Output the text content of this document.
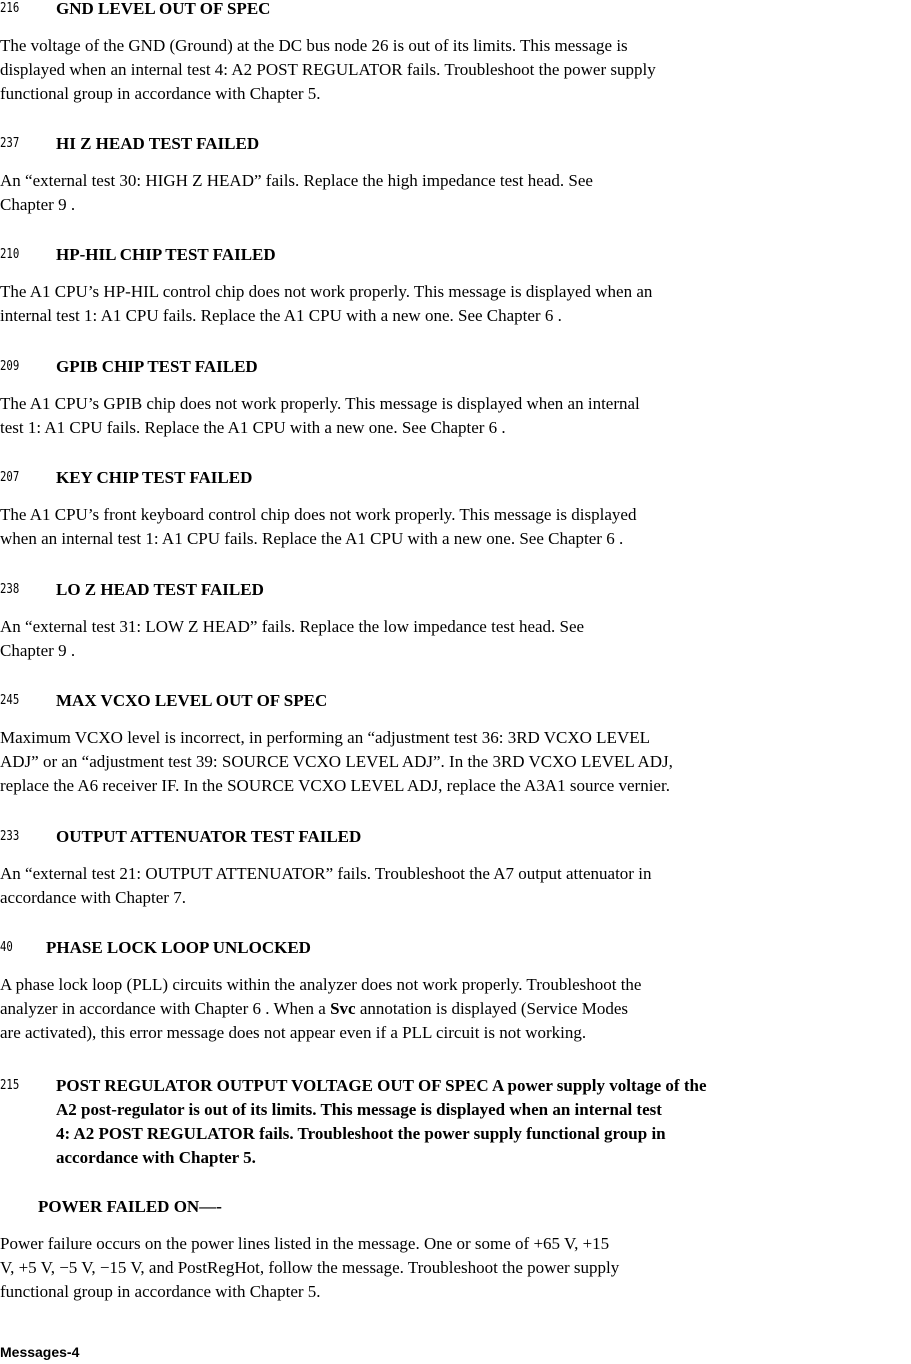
216 GND LEVEL OUT OF SPEC

The voltage of the GND (Ground) at the DC bus node 26 is out of its limits. This message is

displayed when an internal test 4: A2 POST REGULATOR fails. Troubleshoot the power supply

functional group in accordance with Chapter 5.

237 HI Z HEAD TEST FAILED

An “external test 30: HIGH Z HEAD” fails. Replace the high impedance test head. See

Chapter 9 .

210 HP-HIL CHIP TEST FAILED

The A1 CPU’s HP-HIL control chip does not work properly. This message is displayed when an

internal test 1: A1 CPU fails. Replace the A1 CPU with a new one. See Chapter 6 .

209 GPIB CHIP TEST FAILED

The A1 CPU’s GPIB chip does not work properly. This message is displayed when an internal

test 1: A1 CPU fails. Replace the A1 CPU with a new one. See Chapter 6 .

207 KEY CHIP TEST FAILED

The A1 CPU’s front keyboard control chip does not work properly. This message is displayed

when an internal test 1: A1 CPU fails. Replace the A1 CPU with a new one. See Chapter 6 .

238 LO Z HEAD TEST FAILED

An “external test 31: LOW Z HEAD” fails. Replace the low impedance test head. See

Chapter 9 .

245 MAX VCXO LEVEL OUT OF SPEC

Maximum VCXO level is incorrect, in performing an “adjustment test 36: 3RD VCXO LEVEL

ADJ” or an “adjustment test 39: SOURCE VCXO LEVEL ADJ”. In the 3RD VCXO LEVEL ADJ,

replace the A6 receiver IF. In the SOURCE VCXO LEVEL ADJ, replace the A3A1 source vernier.

233 OUTPUT ATTENUATOR TEST FAILED

An “external test 21: OUTPUT ATTENUATOR” fails. Troubleshoot the A7 output attenuator in

accordance with Chapter 7.

40 PHASE LOCK LOOP UNLOCKED

A phase lock loop (PLL) circuits within the analyzer does not work properly. Troubleshoot the

analyzer in accordance with Chapter 6 . When a Svc annotation is displayed (Service Modes

are activated), this error message does not appear even if a PLL circuit is not working.

215 POST REGULATOR OUTPUT VOLTAGE OUT OF SPEC A power supply voltage of the
A2 post-regulator is out of its limits. This message is displayed when an internal test
4: A2 POST REGULATOR fails. Troubleshoot the power supply functional group in
accordance with Chapter 5.
POWER FAILED ON—-

Power failure occurs on the power lines listed in the message. One or some of +65 V, +15

V, +5 V, −5 V, −15 V, and PostRegHot, follow the message. Troubleshoot the power supply

functional group in accordance with Chapter 5.

Messages-4
